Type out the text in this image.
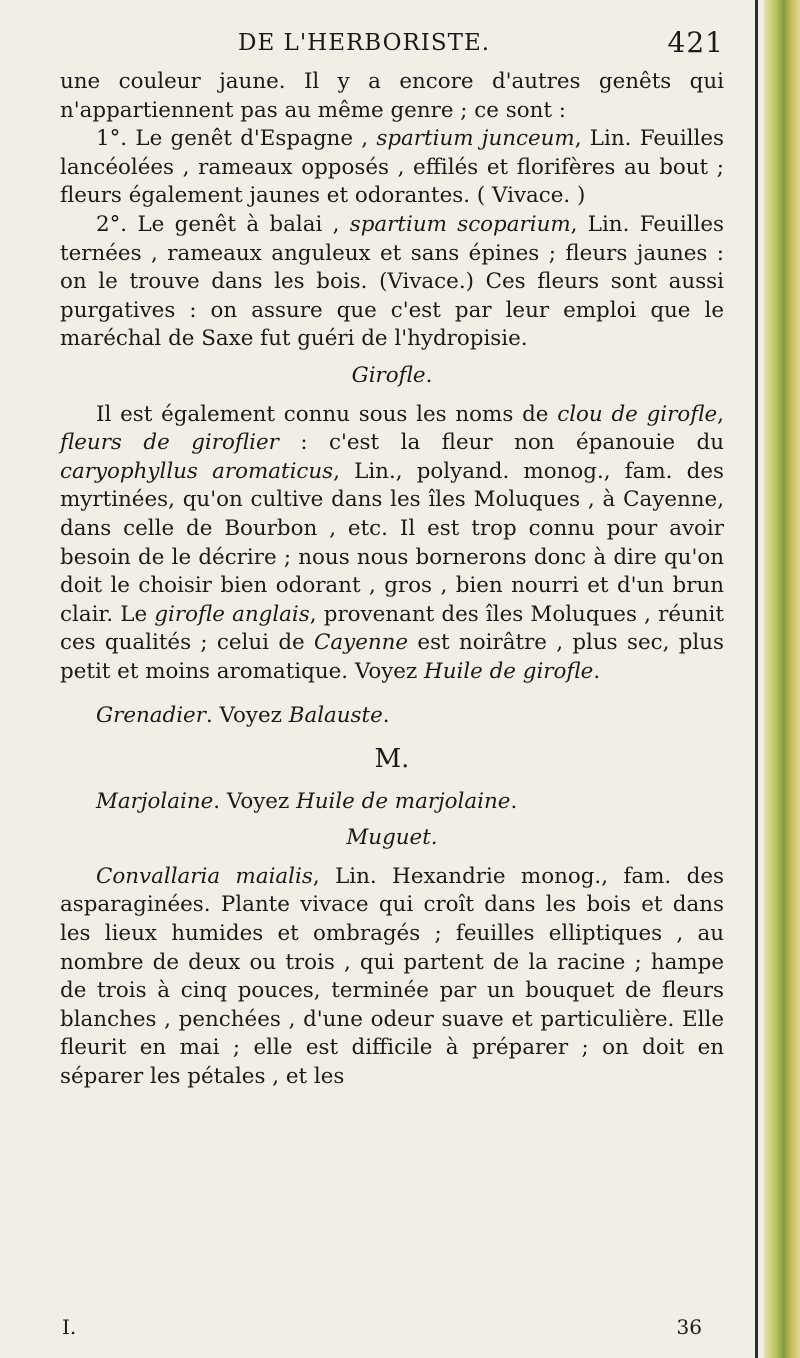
DE L'HERBORISTE.	421

une couleur jaune. Il y a encore d'autres genêts qui n'appartiennent pas au même genre ; ce sont :

1°. Le genêt d'Espagne , spartium junceum, Lin. Feuilles lancéolées , rameaux opposés , effilés et florifères au bout ; fleurs également jaunes et odorantes. ( Vivace. )

2°. Le genêt à balai , spartium scoparium, Lin. Feuilles ternées , rameaux anguleux et sans épines ; fleurs jaunes : on le trouve dans les bois. (Vivace.) Ces fleurs sont aussi purgatives : on assure que c'est par leur emploi que le maréchal de Saxe fut guéri de l'hydropisie.

Girofle.

Il est également connu sous les noms de clou de girofle, fleurs de giroflier : c'est la fleur non épanouie du caryophyllus aromaticus, Lin., polyand. monog., fam. des myrtinées, qu'on cultive dans les îles Moluques , à Cayenne, dans celle de Bourbon , etc. Il est trop connu pour avoir besoin de le décrire ; nous nous bornerons donc à dire qu'on doit le choisir bien odorant , gros , bien nourri et d'un brun clair. Le girofle anglais, provenant des îles Moluques , réunit ces qualités ; celui de Cayenne est noirâtre , plus sec, plus petit et moins aromatique. Voyez Huile de girofle.

Grenadier. Voyez Balauste.

M.

Marjolaine. Voyez Huile de marjolaine.

Muguet.

Convallaria maialis, Lin. Hexandrie monog., fam. des asparaginées. Plante vivace qui croît dans les bois et dans les lieux humides et ombragés ; feuilles elliptiques , au nombre de deux ou trois , qui partent de la racine ; hampe de trois à cinq pouces, terminée par un bouquet de fleurs blanches , penchées , d'une odeur suave et particulière. Elle fleurit en mai ; elle est difficile à préparer ; on doit en séparer les pétales , et les

I.	36
